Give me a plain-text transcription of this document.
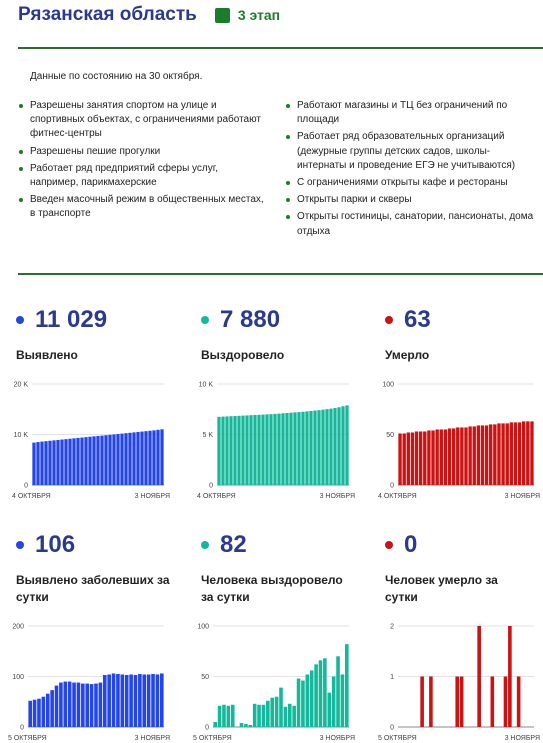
Рязанская область	3 этап
Данные по состоянию на 30 октября.
Разрешены занятия спортом на улице и спортивных объектах, с ограничениями работают фитнес-центры
Разрешены пешие прогулки
Работает ряд предприятий сферы услуг, например, парикмахерские
Введен масочный режим в общественных местах, в транспорте
Работают магазины и ТЦ без ограничений по площади
Работает ряд образовательных организаций (дежурные группы детских садов, школы-интернаты и проведение ЕГЭ не учитываются)
С ограничениями открыты кафе и рестораны
Открыты парки и скверы
Открыты гостиницы, санатории, пансионаты, дома отдыха
11 029
Выявлено
7 880
Выздоровело
63
Умерло
106
Выявлено заболевших за сутки
82
Человека выздоровело за сутки
0
Человек умерло за сутки
0
10 K
20 K
4 ОКТЯБРЯ	3 НОЯБРЯ
0
5 K
10 K
4 ОКТЯБРЯ	3 НОЯБРЯ
0
50
100
4 ОКТЯБРЯ	3 НОЯБРЯ
0
100
200
5 ОКТЯБРЯ	3 НОЯБРЯ
0
50
100
5 ОКТЯБРЯ	3 НОЯБРЯ
0
1
2
5 ОКТЯБРЯ	3 НОЯБРЯ
